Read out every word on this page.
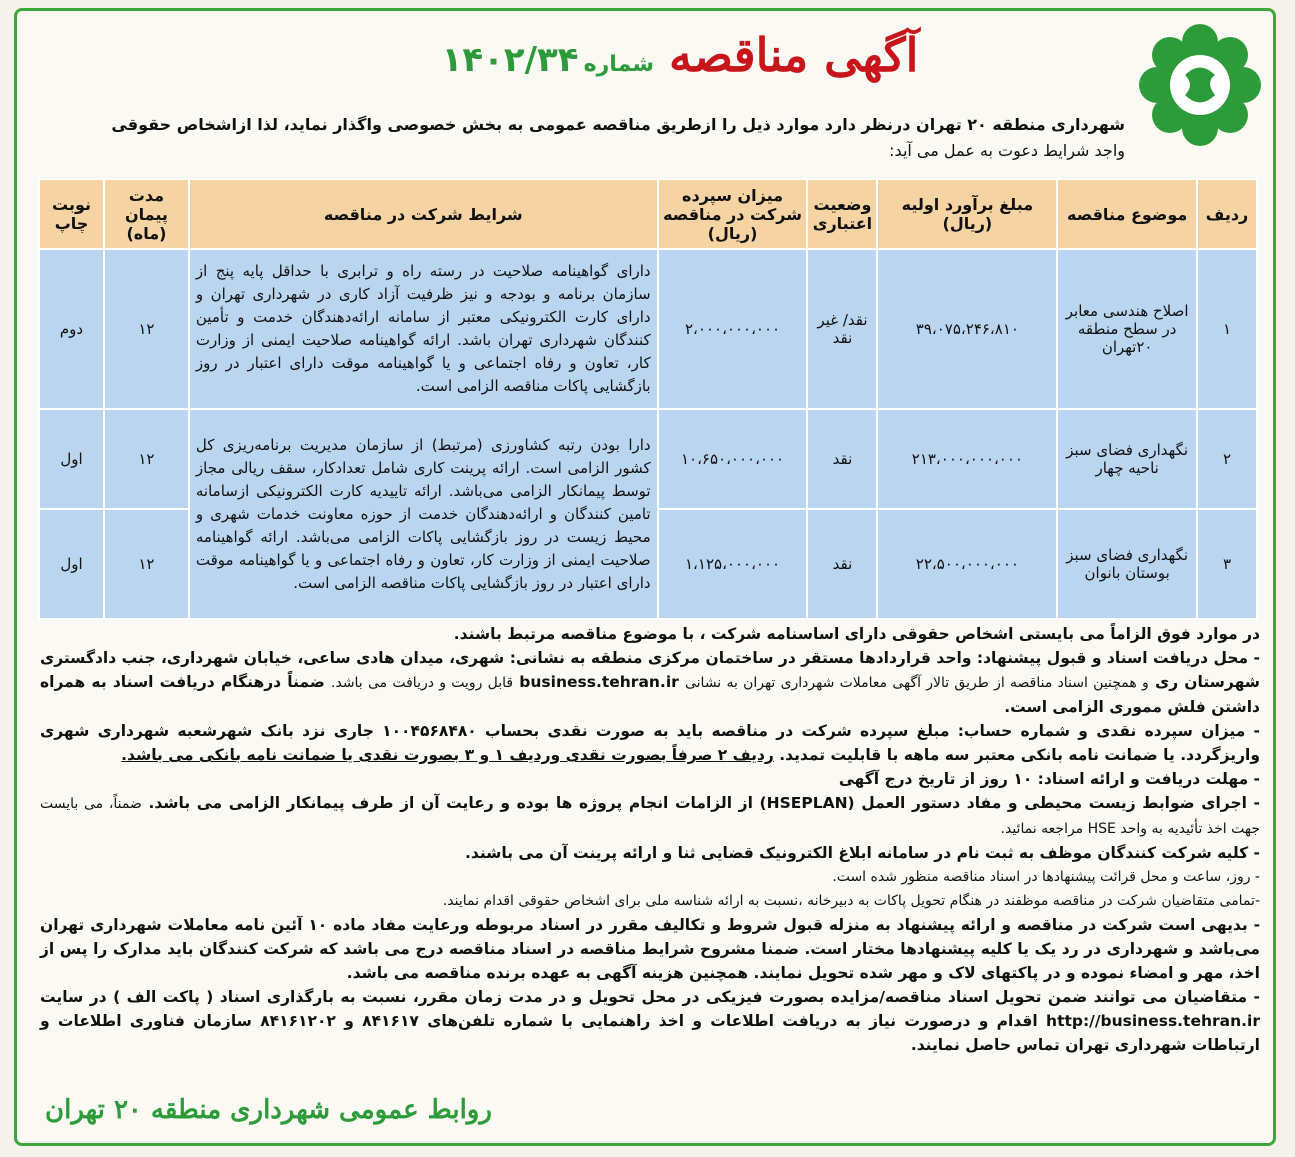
آگهی مناقصه شماره ۱۴۰۲/۳۴
شهرداری منطقه ۲۰ تهران درنظر دارد موارد ذیل را ازطریق مناقصه عمومی به بخش خصوصی واگذار نماید، لذا ازاشخاص حقوقی
واجد شرایط دعوت به عمل می آید:
ردیف	موضوع مناقصه	مبلغ برآورد اولیه (ریال)	وضعیت اعتباری	میزان سپرده شرکت در مناقصه (ریال)	شرایط شرکت در مناقصه	مدت پیمان (ماه)	نوبت چاپ
۱	اصلاح هندسی معابر در سطح منطقه ۲۰تهران	۳۹،۰۷۵،۲۴۶،۸۱۰	نقد/ غیر نقد	۲،۰۰۰،۰۰۰،۰۰۰	دارای گواهینامه صلاحیت در رسته راه و ترابری با حداقل پایه پنج از سازمان برنامه و بودجه و نیز ظرفیت آزاد کاری در شهرداری تهران و دارای کارت الکترونیکی معتبر از سامانه ارائه‌دهندگان خدمت و تأمین کنندگان شهرداری تهران باشد. ارائه گواهینامه صلاحیت ایمنی از وزارت کار، تعاون و رفاه اجتماعی و یا گواهینامه موقت دارای اعتبار در روز بازگشایی پاکات مناقصه الزامی است.	۱۲	دوم
۲	نگهداری فضای سبز ناحیه چهار	۲۱۳،۰۰۰،۰۰۰،۰۰۰	نقد	۱۰،۶۵۰،۰۰۰،۰۰۰	دارا بودن رتبه کشاورزی (مرتبط) از سازمان مدیریت برنامه‌ریزی کل کشور الزامی است. ارائه پرینت کاری شامل تعدادکار، سقف ریالی مجاز توسط پیمانکار الزامی می‌باشد. ارائه تاییدیه کارت الکترونیکی ازسامانه تامین کنندگان و ارائه‌دهندگان خدمت از حوزه معاونت خدمات شهری و محیط زیست در روز بازگشایی پاکات الزامی می‌باشد. ارائه گواهینامه صلاحیت ایمنی از وزارت کار، تعاون و رفاه اجتماعی و یا گواهینامه موقت دارای اعتبار در روز بازگشایی پاکات مناقصه الزامی است.	۱۲	اول
۳	نگهداری فضای سبز بوستان بانوان	۲۲،۵۰۰،۰۰۰،۰۰۰	نقد	۱،۱۲۵،۰۰۰،۰۰۰		۱۲	اول

در موارد فوق الزاماً می بایستی اشخاص حقوقی دارای اساسنامه شرکت ، با موضوع مناقصه مرتبط باشند.

- محل دریافت اسناد و قبول پیشنهاد: واحد قراردادها مستقر در ساختمان مرکزی منطقه به نشانی: شهری، میدان هادی ساعی، خیابان شهرداری، جنب دادگستری شهرستان ری و همچنین اسناد مناقصه از طریق تالار آگهی معاملات شهرداری تهران به نشانی business.tehran.ir قابل رویت و دریافت می باشد. ضمناً درهنگام دریافت اسناد به همراه داشتن فلش مموری الزامی است.

- میزان سپرده نقدی و شماره حساب: مبلغ سپرده شرکت در مناقصه باید به صورت نقدی بحساب ۱۰۰۴۵۶۸۴۸۰ جاری نزد بانک شهرشعبه شهرداری شهری واریزگردد. یا ضمانت نامه بانکی معتبر سه ماهه با قابلیت تمدید. ردیف ۲ صرفاً بصورت نقدی وردیف ۱ و ۳ بصورت نقدی یا ضمانت نامه بانکی می باشد.

- مهلت دریافت و ارائه اسناد: ۱۰ روز از تاریخ درج آگهی

- اجرای ضوابط زیست محیطی و مفاد دستور العمل (HSEPLAN) از الزامات انجام پروژه ها بوده و رعایت آن از طرف پیمانکار الزامی می باشد. ضمناً، می بایست جهت اخذ تأئیدیه به واحد HSE مراجعه نمائید.

- کلیه شرکت کنندگان موظف به ثبت نام در سامانه ابلاغ الکترونیک قضایی ثنا و ارائه پرینت آن می باشند.

- روز، ساعت و محل قرائت پیشنهادها در اسناد مناقصه منظور شده است.

-تمامی متقاضیان شرکت در مناقصه موظفند در هنگام تحویل پاکات به دبیرخانه ،نسبت به ارائه شناسه ملی برای اشخاص حقوقی اقدام نمایند.

- بدیهی است شرکت در مناقصه و ارائه پیشنهاد به منزله قبول شروط و تکالیف مقرر در اسناد مربوطه ورعایت مفاد ماده ۱۰ آئین نامه معاملات شهرداری تهران می‌باشد و شهرداری در رد یک یا کلیه پیشنهادها مختار است. ضمنا مشروح شرایط مناقصه در اسناد مناقصه درج می باشد که شرکت کنندگان باید مدارک را پس از اخذ، مهر و امضاء نموده و در پاکتهای لاک و مهر شده تحویل نمایند. همچنین هزینه آگهی به عهده برنده مناقصه می باشد.

- متقاضیان می توانند ضمن تحویل اسناد مناقصه/مزایده بصورت فیزیکی در محل تحویل و در مدت زمان مقرر، نسبت به بارگذاری اسناد ( پاکت الف ) در سایت http://business.tehran.ir اقدام و درصورت نیاز به دریافت اطلاعات و اخذ راهنمایی با شماره تلفن‌های ۸۴۱۶۱۷ و ۸۴۱۶۱۲۰۲ سازمان فناوری اطلاعات و ارتباطات شهرداری تهران تماس حاصل نمایند.

روابط عمومی شهرداری منطقه ۲۰ تهران
